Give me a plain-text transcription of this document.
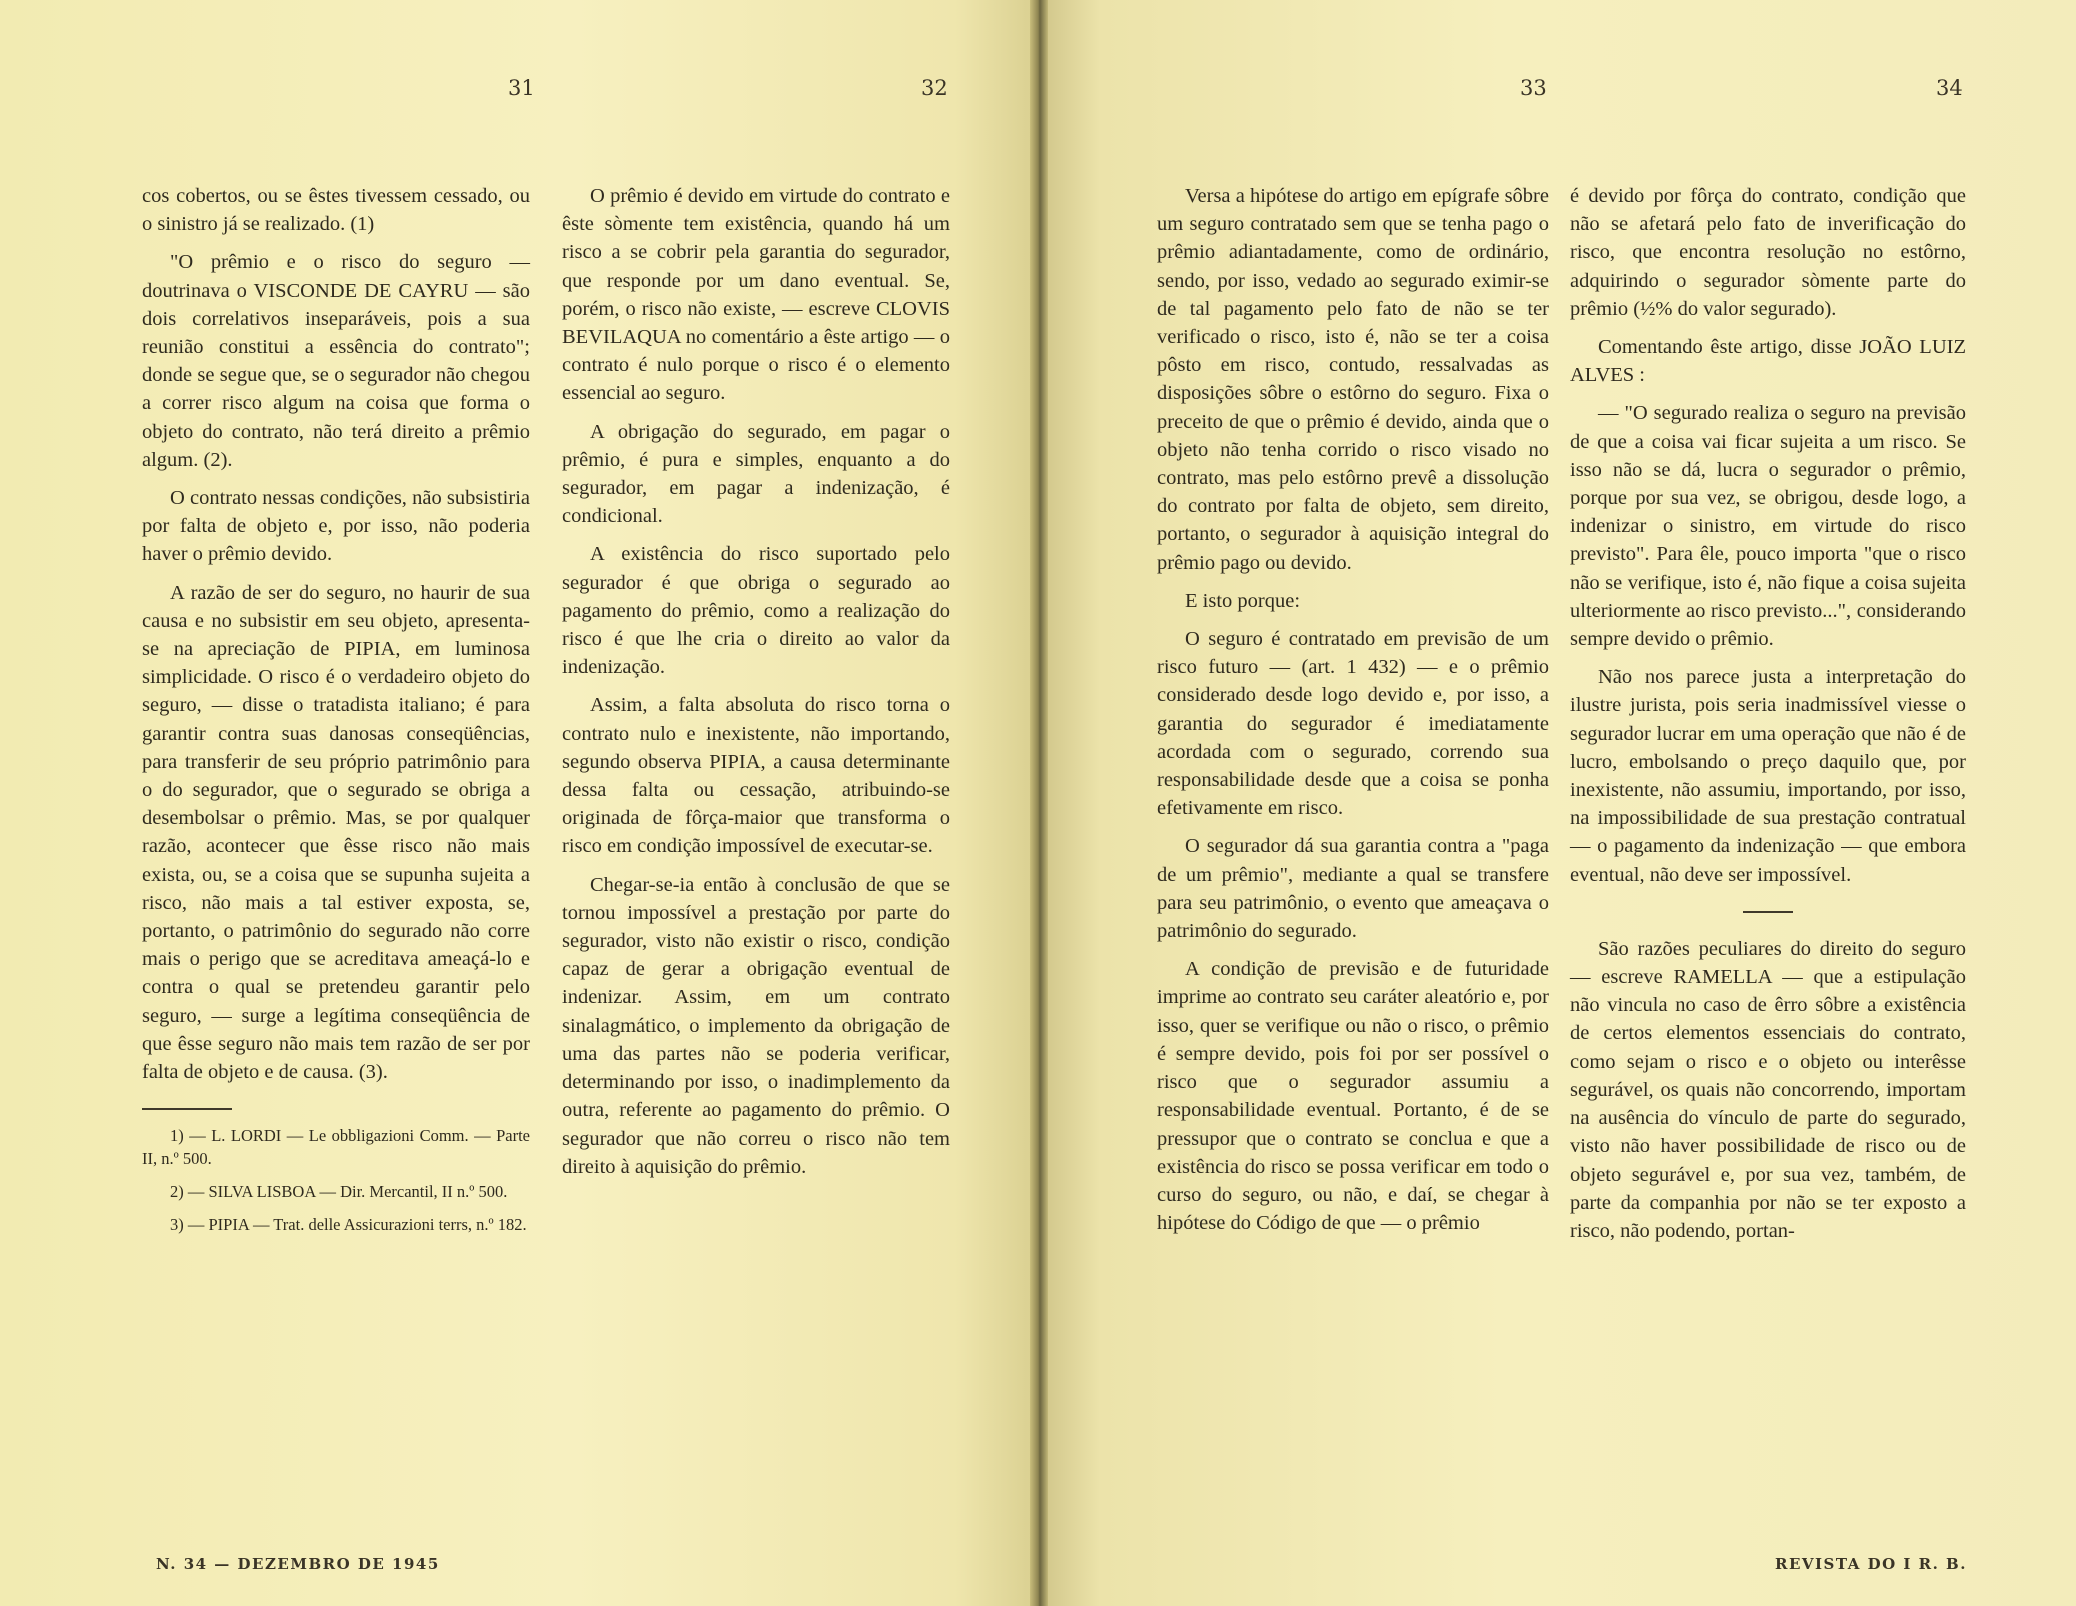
31	32	33	34

cos cobertos, ou se êstes tivessem cessado, ou o sinistro já se realizado. (1)

"O prêmio e o risco do seguro — doutrinava o VISCONDE DE CAYRU — são dois correlativos inseparáveis, pois a sua reunião constitui a essência do contrato"; donde se segue que, se o segurador não chegou a correr risco algum na coisa que forma o objeto do contrato, não terá direito a prêmio algum. (2).

O contrato nessas condições, não subsistiria por falta de objeto e, por isso, não poderia haver o prêmio devido.

A razão de ser do seguro, no haurir de sua causa e no subsistir em seu objeto, apresenta-se na apreciação de PIPIA, em luminosa simplicidade. O risco é o verdadeiro objeto do seguro, — disse o tratadista italiano; é para garantir contra suas danosas conseqüências, para transferir de seu próprio patrimônio para o do segurador, que o segurado se obriga a desembolsar o prêmio. Mas, se por qualquer razão, acontecer que êsse risco não mais exista, ou, se a coisa que se supunha sujeita a risco, não mais a tal estiver exposta, se, portanto, o patrimônio do segurado não corre mais o perigo que se acreditava ameaçá-lo e contra o qual se pretendeu garantir pelo seguro, — surge a legítima conseqüência de que êsse seguro não mais tem razão de ser por falta de objeto e de causa. (3).

1) — L. LORDI — Le obbligazioni Comm. — Parte II, n.º 500.

2) — SILVA LISBOA — Dir. Mercantil, II n.º 500.

3) — PIPIA — Trat. delle Assicurazioni terrs, n.º 182.

O prêmio é devido em virtude do contrato e êste sòmente tem existência, quando há um risco a se cobrir pela garantia do segurador, que responde por um dano eventual. Se, porém, o risco não existe, — escreve CLOVIS BEVILAQUA no comentário a êste artigo — o contrato é nulo porque o risco é o elemento essencial ao seguro.

A obrigação do segurado, em pagar o prêmio, é pura e simples, enquanto a do segurador, em pagar a indenização, é condicional.

A existência do risco suportado pelo segurador é que obriga o segurado ao pagamento do prêmio, como a realização do risco é que lhe cria o direito ao valor da indenização.

Assim, a falta absoluta do risco torna o contrato nulo e inexistente, não importando, segundo observa PIPIA, a causa determinante dessa falta ou cessação, atribuindo-se originada de fôrça-maior que transforma o risco em condição impossível de executar-se.

Chegar-se-ia então à conclusão de que se tornou impossível a prestação por parte do segurador, visto não existir o risco, condição capaz de gerar a obrigação eventual de indenizar. Assim, em um contrato sinalagmático, o implemento da obrigação de uma das partes não se poderia verificar, determinando por isso, o inadimplemento da outra, referente ao pagamento do prêmio. O segurador que não correu o risco não tem direito à aquisição do prêmio.

Versa a hipótese do artigo em epígrafe sôbre um seguro contratado sem que se tenha pago o prêmio adiantadamente, como de ordinário, sendo, por isso, vedado ao segurado eximir-se de tal pagamento pelo fato de não se ter verificado o risco, isto é, não se ter a coisa pôsto em risco, contudo, ressalvadas as disposições sôbre o estôrno do seguro. Fixa o preceito de que o prêmio é devido, ainda que o objeto não tenha corrido o risco visado no contrato, mas pelo estôrno prevê a dissolução do contrato por falta de objeto, sem direito, portanto, o segurador à aquisição integral do prêmio pago ou devido.

E isto porque:

O seguro é contratado em previsão de um risco futuro — (art. 1 432) — e o prêmio considerado desde logo devido e, por isso, a garantia do segurador é imediatamente acordada com o segurado, correndo sua responsabilidade desde que a coisa se ponha efetivamente em risco.

O segurador dá sua garantia contra a "paga de um prêmio", mediante a qual se transfere para seu patrimônio, o evento que ameaçava o patrimônio do segurado.

A condição de previsão e de futuridade imprime ao contrato seu caráter aleatório e, por isso, quer se verifique ou não o risco, o prêmio é sempre devido, pois foi por ser possível o risco que o segurador assumiu a responsabilidade eventual. Portanto, é de se pressupor que o contrato se conclua e que a existência do risco se possa verificar em todo o curso do seguro, ou não, e daí, se chegar à hipótese do Código de que — o prêmio

é devido por fôrça do contrato, condição que não se afetará pelo fato de inverificação do risco, que encontra resolução no estôrno, adquirindo o segurador sòmente parte do prêmio (½% do valor segurado).

Comentando êste artigo, disse JOÃO LUIZ ALVES :

— "O segurado realiza o seguro na previsão de que a coisa vai ficar sujeita a um risco. Se isso não se dá, lucra o segurador o prêmio, porque por sua vez, se obrigou, desde logo, a indenizar o sinistro, em virtude do risco previsto". Para êle, pouco importa "que o risco não se verifique, isto é, não fique a coisa sujeita ulteriormente ao risco previsto...", considerando sempre devido o prêmio.

Não nos parece justa a interpretação do ilustre jurista, pois seria inadmissível viesse o segurador lucrar em uma operação que não é de lucro, embolsando o preço daquilo que, por inexistente, não assumiu, importando, por isso, na impossibilidade de sua prestação contratual — o pagamento da indenização — que embora eventual, não deve ser impossível.

São razões peculiares do direito do seguro — escreve RAMELLA — que a estipulação não vincula no caso de êrro sôbre a existência de certos elementos essenciais do contrato, como sejam o risco e o objeto ou interêsse segurável, os quais não concorrendo, importam na ausência do vínculo de parte do segurado, visto não haver possibilidade de risco ou de objeto segurável e, por sua vez, também, de parte da companhia por não se ter exposto a risco, não podendo, portan-

N. 34 — DEZEMBRO DE 1945	REVISTA DO I R. B.
